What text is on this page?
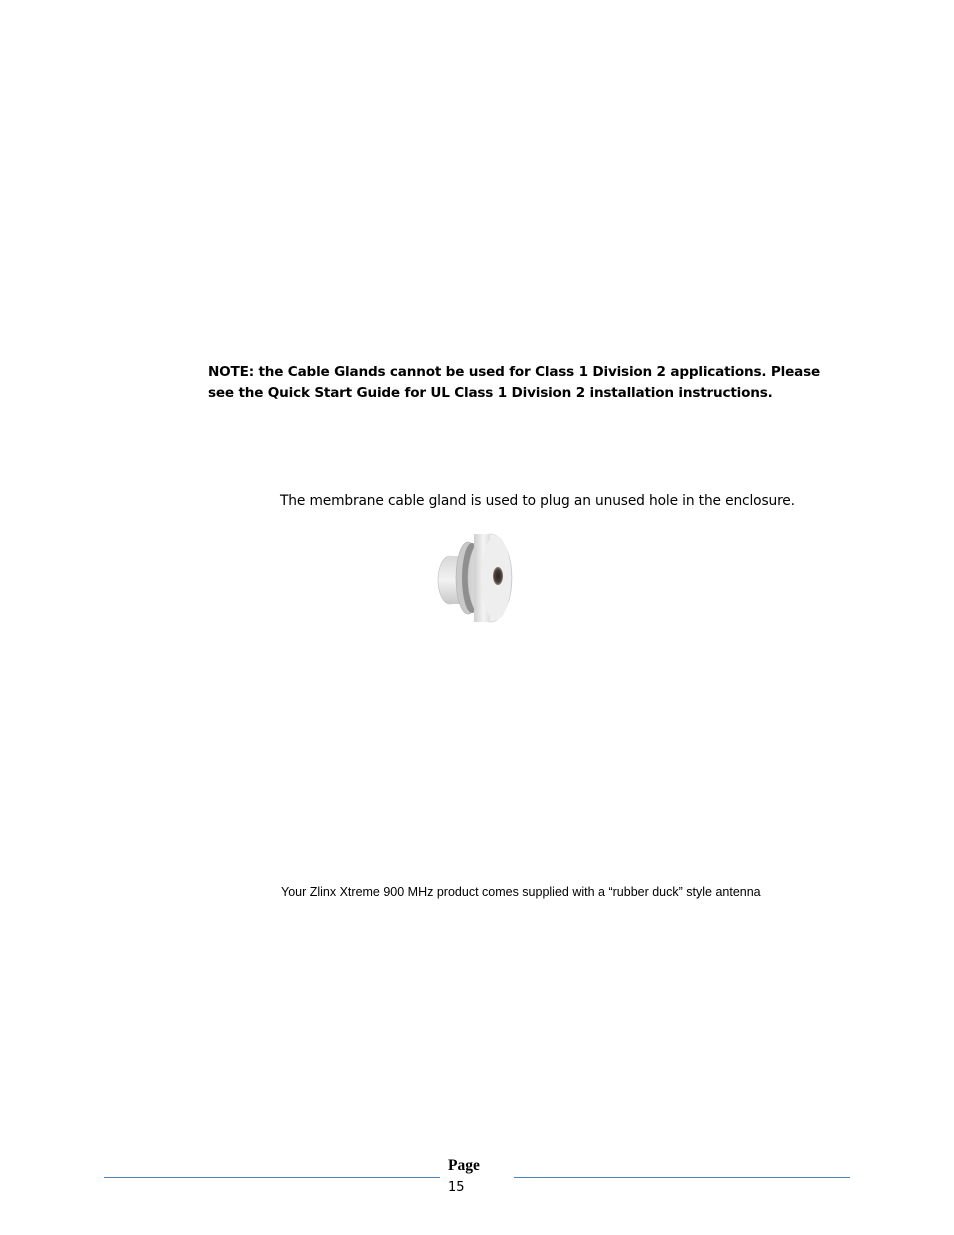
NOTE: the Cable Glands cannot be used for Class 1 Division 2 applications. Please see the Quick Start Guide for UL Class 1 Division 2 installation instructions.
The membrane cable gland is used to plug an unused hole in the enclosure.
Your Zlinx Xtreme 900 MHz product comes supplied with a “rubber duck” style antenna
Page
15
